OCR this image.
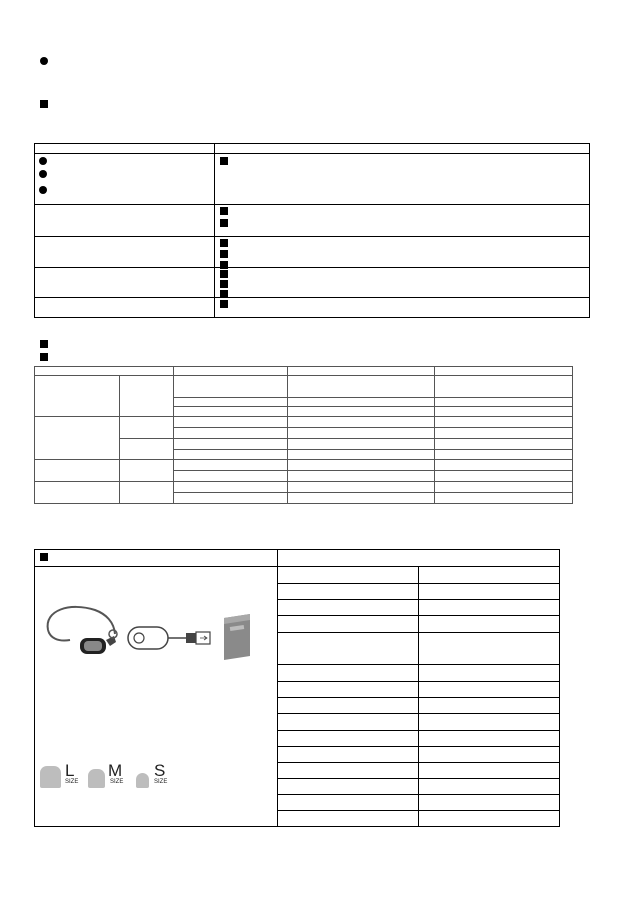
L
SIZE
M
SIZE
S
SIZE
